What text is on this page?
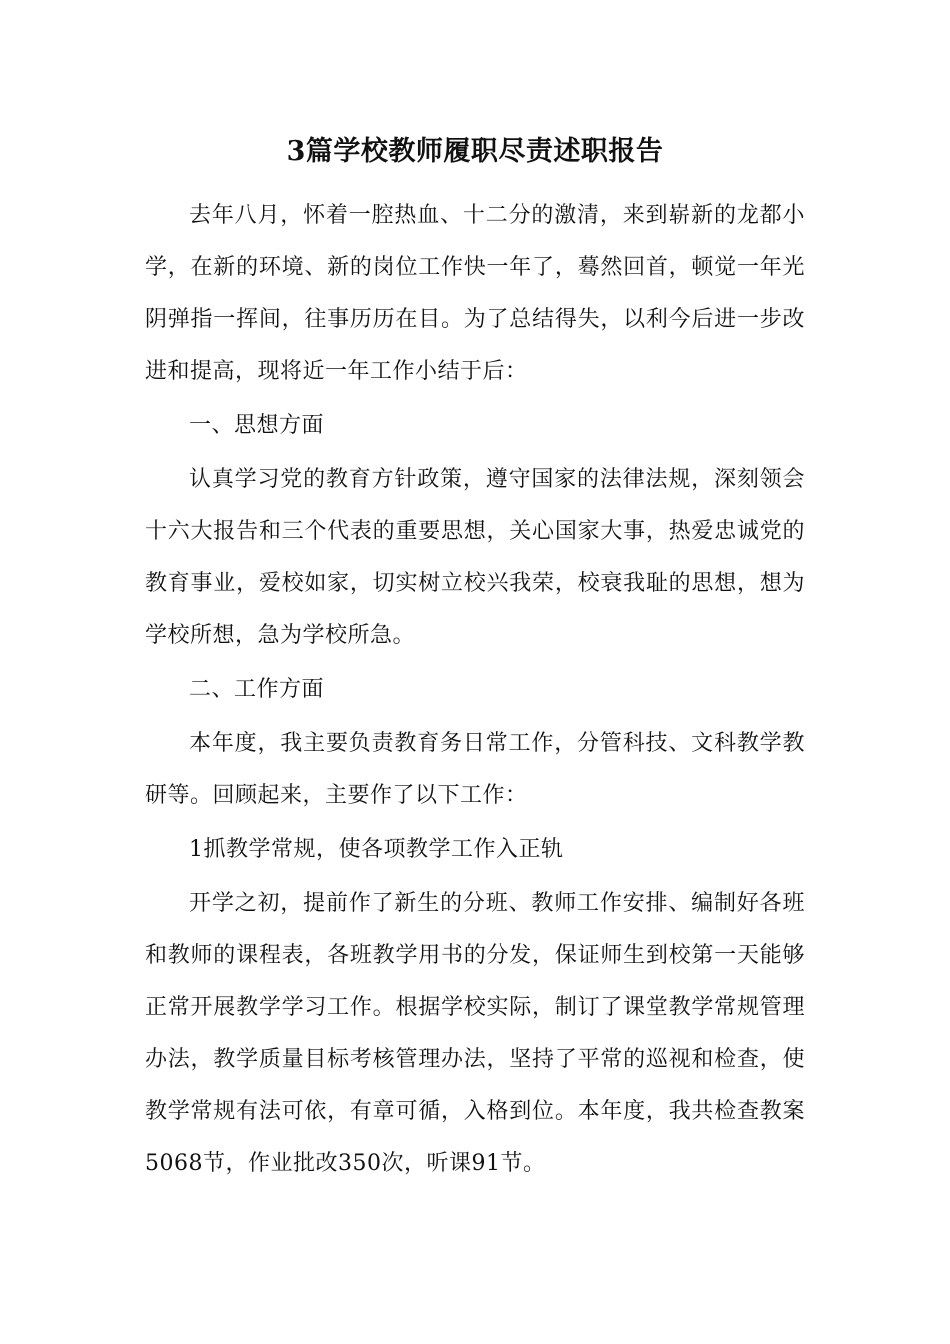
3篇学校教师履职尽责述职报告

去年八月，怀着一腔热血、十二分的激清，来到崭新的龙都小学，在新的环境、新的岗位工作快一年了，蓦然回首，顿觉一年光阴弹指一挥间，往事历历在目。为了总结得失，以利今后进一步改进和提高，现将近一年工作小结于后：

一、思想方面

认真学习党的教育方针政策，遵守国家的法律法规，深刻领会十六大报告和三个代表的重要思想，关心国家大事，热爱忠诚党的教育事业，爱校如家，切实树立校兴我荣，校衰我耻的思想，想为学校所想，急为学校所急。

二、工作方面

本年度，我主要负责教育务日常工作，分管科技、文科教学教研等。回顾起来，主要作了以下工作：

1抓教学常规，使各项教学工作入正轨

开学之初，提前作了新生的分班、教师工作安排、编制好各班和教师的课程表，各班教学用书的分发，保证师生到校第一天能够正常开展教学学习工作。根据学校实际，制订了课堂教学常规管理办法，教学质量目标考核管理办法，坚持了平常的巡视和检查，使教学常规有法可依，有章可循，入格到位。本年度，我共检查教案5068节，作业批改350次，听课91节。
